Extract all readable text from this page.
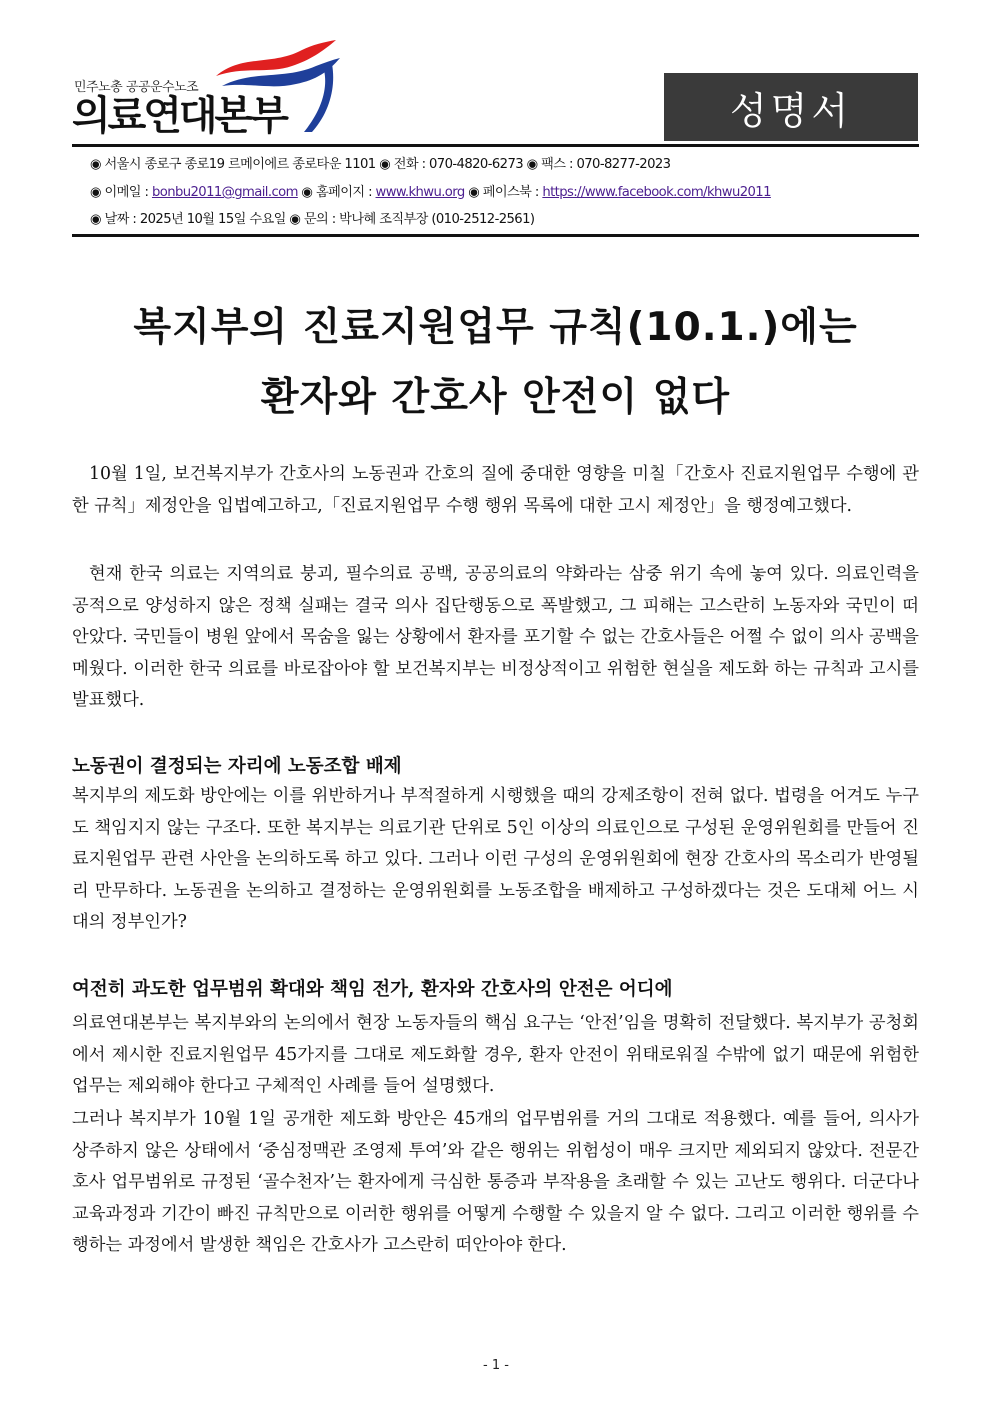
민주노총 공공운수노조
의료연대본부	성명서
◉ 서울시 종로구 종로19 르메이에르 종로타운 1101 ◉ 전화 : 070-4820-6273 ◉ 팩스 : 070-8277-2023
◉ 이메일 : bonbu2011@gmail.com ◉ 홈페이지 : www.khwu.org ◉ 페이스북 : https://www.facebook.com/khwu2011
◉ 날짜 : 2025년 10월 15일 수요일 ◉ 문의 : 박나혜 조직부장 (010-2512-2561)
복지부의 진료지원업무 규칙(10.1.)에는
환자와 간호사 안전이 없다

10월 1일, 보건복지부가 간호사의 노동권과 간호의 질에 중대한 영향을 미칠「간호사 진료지원업무 수행에 관한 규칙」제정안을 입법예고하고,「진료지원업무 수행 행위 목록에 대한 고시 제정안」을 행정예고했다.

현재 한국 의료는 지역의료 붕괴, 필수의료 공백, 공공의료의 약화라는 삼중 위기 속에 놓여 있다. 의료인력을 공적으로 양성하지 않은 정책 실패는 결국 의사 집단행동으로 폭발했고, 그 피해는 고스란히 노동자와 국민이 떠안았다. 국민들이 병원 앞에서 목숨을 잃는 상황에서 환자를 포기할 수 없는 간호사들은 어쩔 수 없이 의사 공백을 메웠다. 이러한 한국 의료를 바로잡아야 할 보건복지부는 비정상적이고 위험한 현실을 제도화 하는 규칙과 고시를 발표했다.

노동권이 결정되는 자리에 노동조합 배제

복지부의 제도화 방안에는 이를 위반하거나 부적절하게 시행했을 때의 강제조항이 전혀 없다. 법령을 어겨도 누구도 책임지지 않는 구조다. 또한 복지부는 의료기관 단위로 5인 이상의 의료인으로 구성된 운영위원회를 만들어 진료지원업무 관련 사안을 논의하도록 하고 있다. 그러나 이런 구성의 운영위원회에 현장 간호사의 목소리가 반영될 리 만무하다. 노동권을 논의하고 결정하는 운영위원회를 노동조합을 배제하고 구성하겠다는 것은 도대체 어느 시대의 정부인가?

여전히 과도한 업무범위 확대와 책임 전가, 환자와 간호사의 안전은 어디에

의료연대본부는 복지부와의 논의에서 현장 노동자들의 핵심 요구는 ‘안전’임을 명확히 전달했다. 복지부가 공청회에서 제시한 진료지원업무 45가지를 그대로 제도화할 경우, 환자 안전이 위태로워질 수밖에 없기 때문에 위험한 업무는 제외해야 한다고 구체적인 사례를 들어 설명했다.

그러나 복지부가 10월 1일 공개한 제도화 방안은 45개의 업무범위를 거의 그대로 적용했다. 예를 들어, 의사가 상주하지 않은 상태에서 ‘중심정맥관 조영제 투여’와 같은 행위는 위험성이 매우 크지만 제외되지 않았다. 전문간호사 업무범위로 규정된 ‘골수천자’는 환자에게 극심한 통증과 부작용을 초래할 수 있는 고난도 행위다. 더군다나 교육과정과 기간이 빠진 규칙만으로 이러한 행위를 어떻게 수행할 수 있을지 알 수 없다. 그리고 이러한 행위를 수행하는 과정에서 발생한 책임은 간호사가 고스란히 떠안아야 한다.

- 1 -
